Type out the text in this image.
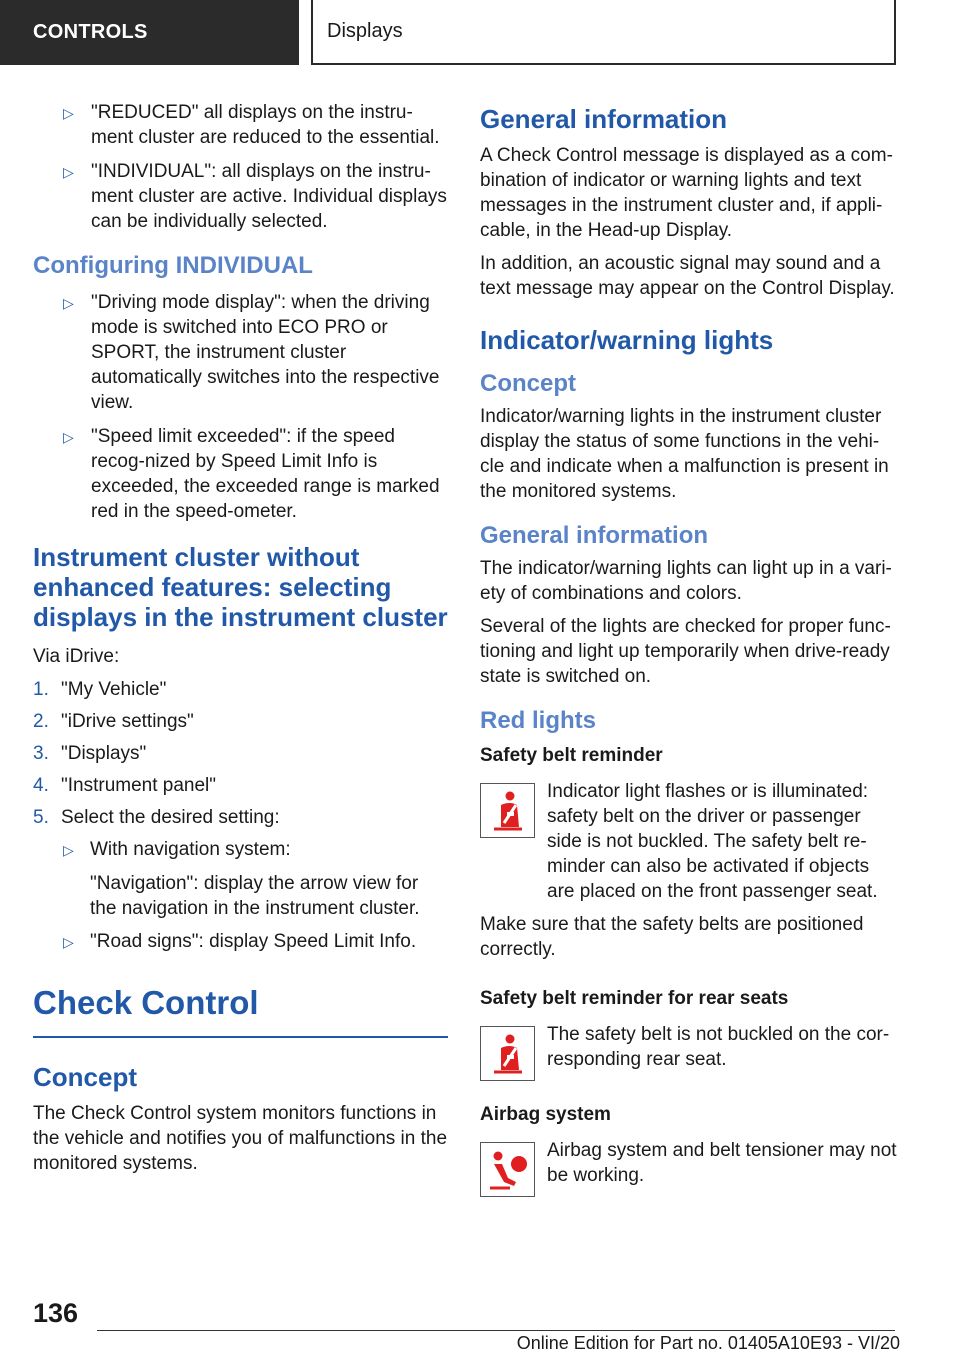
CONTROLS	Displays
▷ "REDUCED" all displays on the instru-ment cluster are reduced to the essential.
▷ "INDIVIDUAL": all displays on the instru-ment cluster are active. Individual displays can be individually selected.
Configuring INDIVIDUAL
▷ "Driving mode display": when the driving mode is switched into ECO PRO or SPORT, the instrument cluster automatically switches into the respective view.
▷ "Speed limit exceeded": if the speed recog-nized by Speed Limit Info is exceeded, the exceeded range is marked red in the speed-ometer.
Instrument cluster without enhanced features: selecting displays in the instrument cluster
Via iDrive:
1. "My Vehicle"
2. "iDrive settings"
3. "Displays"
4. "Instrument panel"
5. Select the desired setting:
▷ With navigation system:
"Navigation": display the arrow view for the navigation in the instrument cluster.
▷ "Road signs": display Speed Limit Info.
Check Control
Concept
The Check Control system monitors functions in the vehicle and notifies you of malfunctions in the monitored systems.
General information
A Check Control message is displayed as a com-bination of indicator or warning lights and text messages in the instrument cluster and, if appli-cable, in the Head-up Display.
In addition, an acoustic signal may sound and a text message may appear on the Control Display.
Indicator/warning lights
Concept
Indicator/warning lights in the instrument cluster display the status of some functions in the vehi-cle and indicate when a malfunction is present in the monitored systems.
General information
The indicator/warning lights can light up in a vari-ety of combinations and colors.
Several of the lights are checked for proper func-tioning and light up temporarily when drive-ready state is switched on.
Red lights
Safety belt reminder
Indicator light flashes or is illuminated: safety belt on the driver or passenger side is not buckled. The safety belt re-minder can also be activated if objects are placed on the front passenger seat.
Make sure that the safety belts are positioned correctly.
Safety belt reminder for rear seats
The safety belt is not buckled on the cor-responding rear seat.
Airbag system
Airbag system and belt tensioner may not be working.
136
Online Edition for Part no. 01405A10E93 - VI/20
